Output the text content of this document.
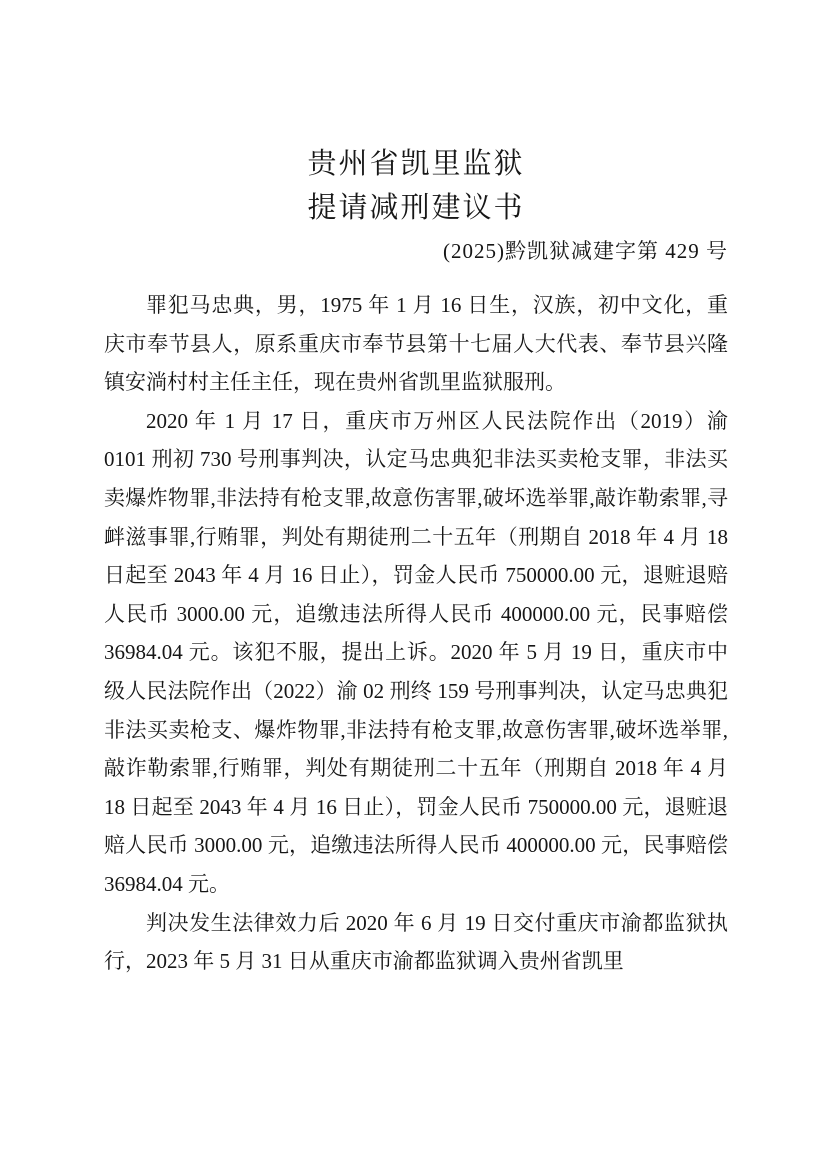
贵州省凯里监狱
提请减刑建议书
(2025)黔凯狱减建字第 429 号

罪犯马忠典，男，1975 年 1 月 16 日生，汉族，初中文化，重庆市奉节县人，原系重庆市奉节县第十七届人大代表、奉节县兴隆镇安淌村村主任主任，现在贵州省凯里监狱服刑。

2020 年 1 月 17 日，重庆市万州区人民法院作出（2019）渝 0101 刑初 730 号刑事判决，认定马忠典犯非法买卖枪支罪，非法买卖爆炸物罪,非法持有枪支罪,故意伤害罪,破坏选举罪,敲诈勒索罪,寻衅滋事罪,行贿罪，判处有期徒刑二十五年（刑期自 2018 年 4 月 18 日起至 2043 年 4 月 16 日止），罚金人民币 750000.00 元，退赃退赔人民币 3000.00 元，追缴违法所得人民币 400000.00 元，民事赔偿 36984.04 元。该犯不服，提出上诉。2020 年 5 月 19 日，重庆市中级人民法院作出（2022）渝 02 刑终 159 号刑事判决，认定马忠典犯非法买卖枪支、爆炸物罪,非法持有枪支罪,故意伤害罪,破坏选举罪,敲诈勒索罪,行贿罪，判处有期徒刑二十五年（刑期自 2018 年 4 月 18 日起至 2043 年 4 月 16 日止），罚金人民币 750000.00 元，退赃退赔人民币 3000.00 元，追缴违法所得人民币 400000.00 元，民事赔偿 36984.04 元。

判决发生法律效力后 2020 年 6 月 19 日交付重庆市渝都监狱执行，2023 年 5 月 31 日从重庆市渝都监狱调入贵州省凯里
